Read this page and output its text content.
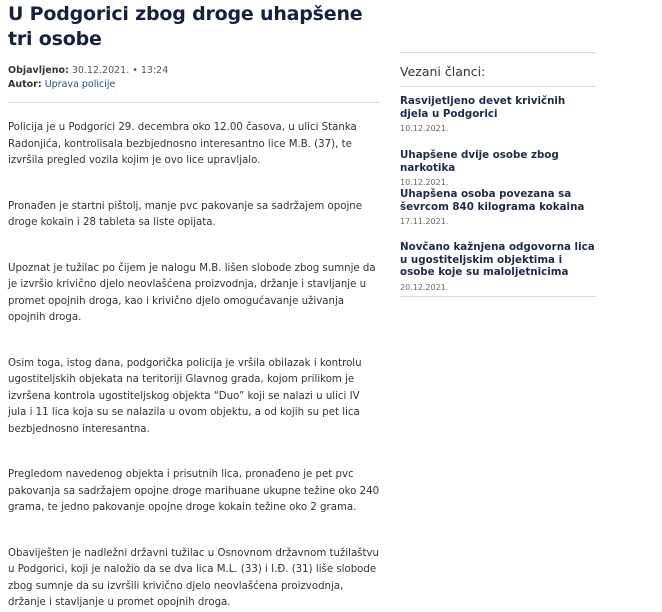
U Podgorici zbog droge uhapšene tri osobe
Objavljeno: 30.12.2021. • 13:24
Autor: Uprava policije

Policija je u Podgorici 29. decembra oko 12.00 časova, u ulici Stanka Radonjića, kontrolisala bezbjednosno interesantno lice M.B. (37), te izvršila pregled vozila kojim je ovo lice upravljalo.

Pronađen je startni pištolj, manje pvc pakovanje sa sadržajem opojne droge kokain i 28 tableta sa liste opijata.

Upoznat je tužilac po čijem je nalogu M.B. lišen slobode zbog sumnje da je izvršio krivično djelo neovlašćena proizvodnja, držanje i stavljanje u promet opojnih droga, kao i krivično djelo omogućavanje uživanja opojnih droga.

Osim toga, istog dana, podgorička policija je vršila obilazak i kontrolu ugostiteljskih objekata na teritoriji Glavnog grada, kojom prilikom je izvršena kontrola ugostiteljskog objekta “Duo” koji se nalazi u ulici IV jula i 11 lica koja su se nalazila u ovom objektu, a od kojih su pet lica bezbjednosno interesantna.

Pregledom navedenog objekta i prisutnih lica, pronađeno je pet pvc pakovanja sa sadržajem opojne droge marihuane ukupne težine oko 240 grama, te jedno pakovanje opojne droge kokain težine oko 2 grama.

Obaviješten je nadležni državni tužilac u Osnovnom državnom tužilaštvu u Podgorici, koji je naložio da se dva lica M.L. (33) i I.Đ. (31) liše slobode zbog sumnje da su izvršili krivično djelo neovlašćena proizvodnja, držanje i stavljanje u promet opojnih droga.

Vezani članci:
Rasvijetljeno devet krivičnih djela u Podgorici
10.12.2021.
Uhapšene dvije osobe zbog narkotika
10.12.2021.
Uhapšena osoba povezana sa ševrcom 840 kilograma kokaina
17.11.2021.
Novčano kažnjena odgovorna lica u ugostiteljskim objektima i osobe koje su maloljetnicima
20.12.2021.
